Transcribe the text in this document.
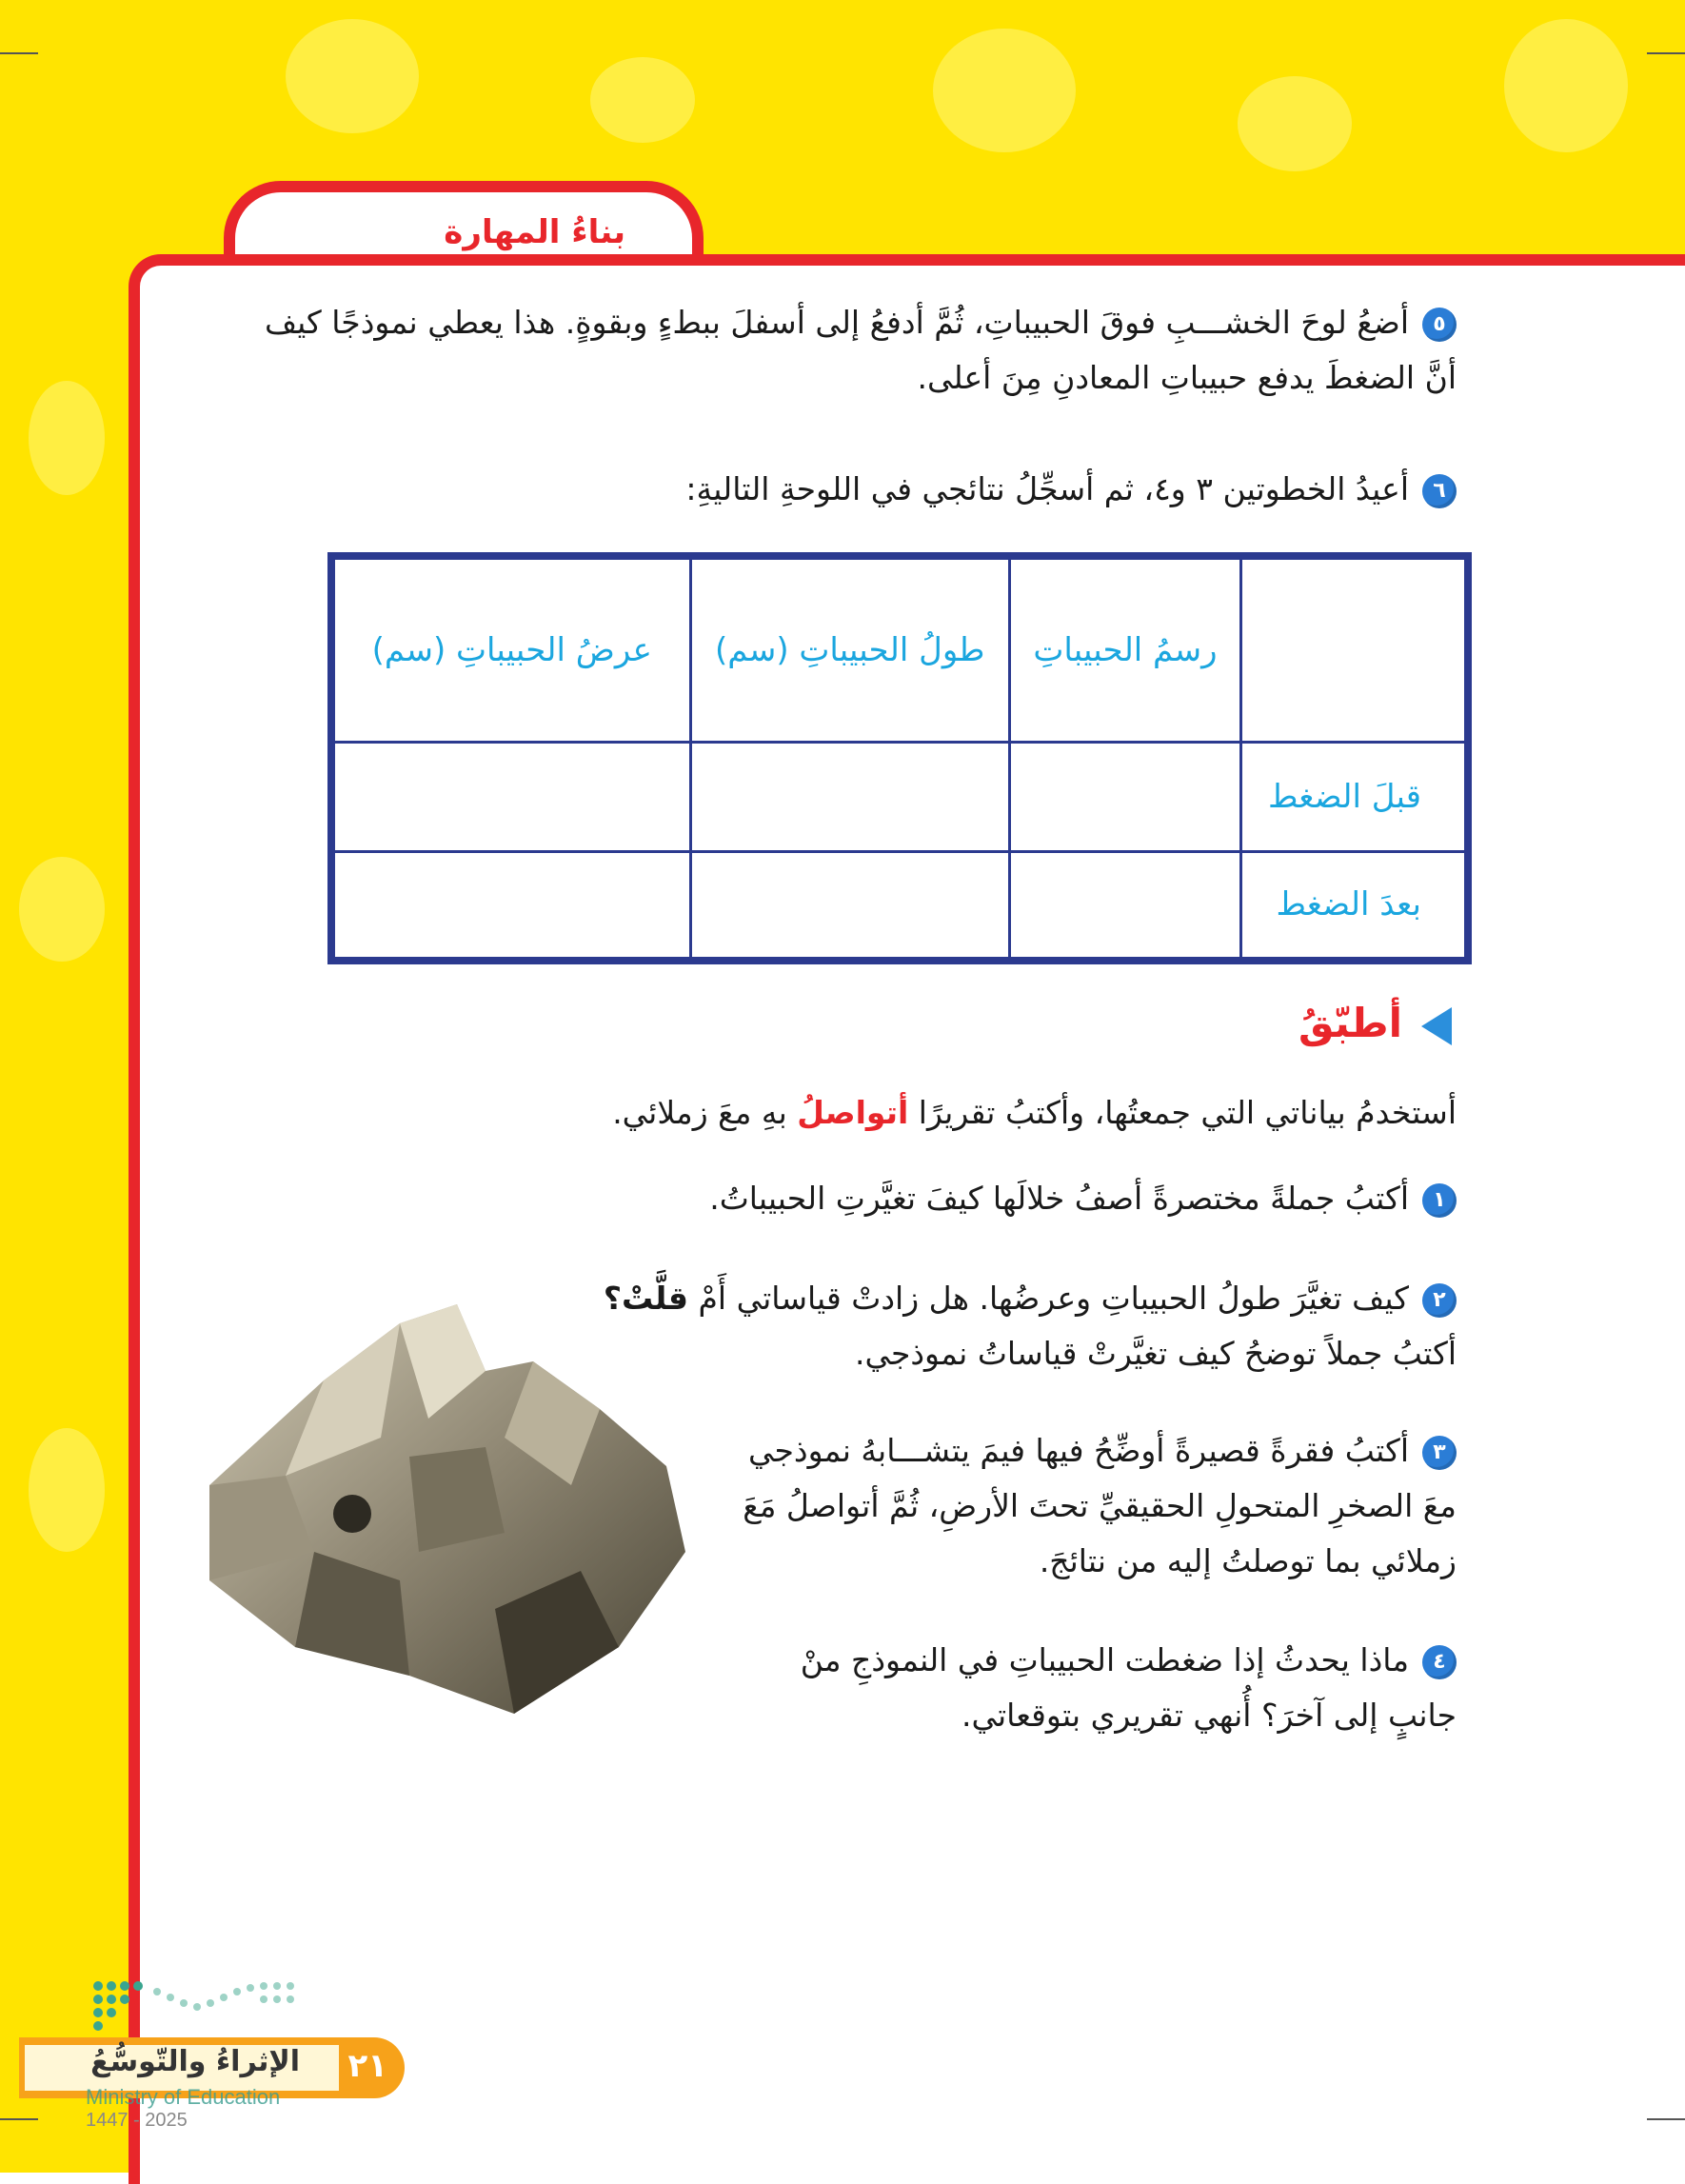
بناءُ المهارة
٥أضعُ لوحَ الخشـــبِ فوقَ الحبيباتِ، ثُمَّ أدفعُ إلى أسفلَ ببطءٍ وبقوةٍ. هذا يعطي نموذجًا كيف أنَّ الضغطَ يدفع حبيباتِ المعادنِ مِنَ أعلى.
٦أعيدُ الخطوتين ٣ و٤، ثم أسجِّلُ نتائجي في اللوحةِ التاليةِ:
	رسمُ الحبيباتِ	طولُ الحبيباتِ (سم)	عرضُ الحبيباتِ (سم)
قبلَ الضغط			
بعدَ الضغط			
أطبّقُ
أستخدمُ بياناتي التي جمعتُها، وأكتبُ تقريرًا أتواصلُ بهِ معَ زملائي.
١أكتبُ جملةً مختصرةً أصفُ خلالَها كيفَ تغيَّرتِ الحبيباتُ.
٢كيف تغيَّرَ طولُ الحبيباتِ وعرضُها. هل زادتْ قياساتي أَمْ قلَّتْ؟
أكتبُ جملاً توضحُ كيف تغيَّرتْ قياساتُ نموذجي.
٣أكتبُ فقرةً قصيرةً أوضِّحُ فيها فيمَ يتشـــابهُ نموذجي معَ الصخرِ المتحولِ الحقيقيِّ تحتَ الأرضِ، ثُمَّ أتواصلُ مَعَ زملائي بما توصلتُ إليه من نتائجَ.
٤ماذا يحدثُ إذا ضغطت الحبيباتِ في النموذجِ منْ جانبٍ إلى آخرَ؟ أُنهي تقريري بتوقعاتي.
الإثراءُ والتّوسُّعُ ٢١
Ministry of Education
2025 - 1447
